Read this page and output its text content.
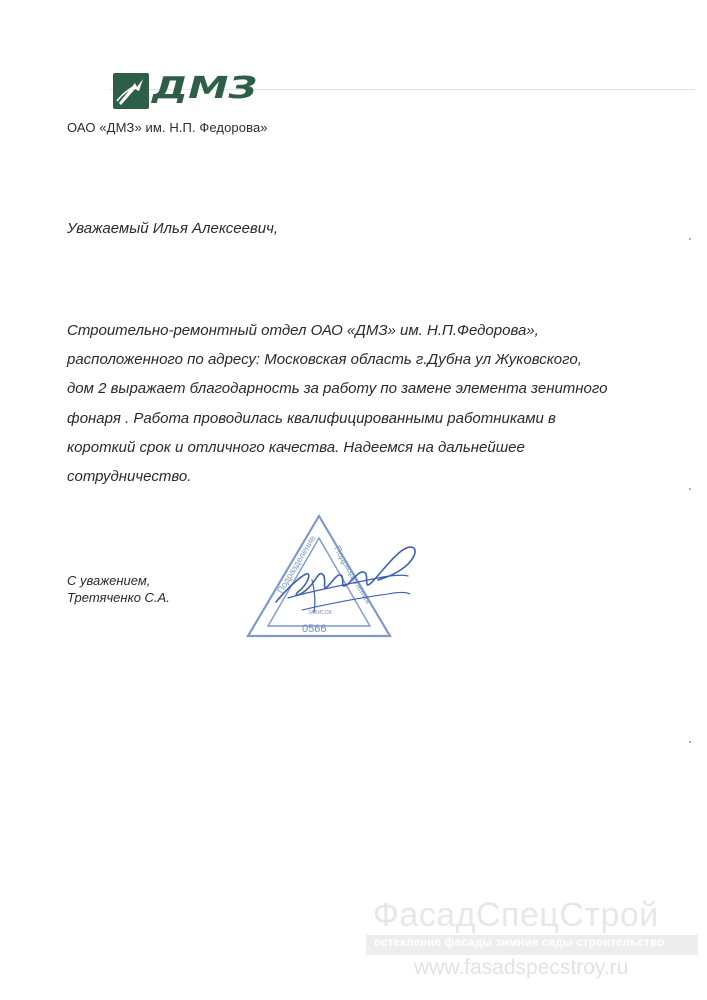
ДМЗ
ОАО «ДМЗ» им. Н.П. Федорова»
Уважаемый Илья Алексеевич,

Строительно-ремонтный отдел ОАО «ДМЗ» им. Н.П.Федорова»,
расположенного по адресу: Московская область г.Дубна ул Жуковского,
дом 2 выражает благодарность за работу по замене элемента зенитного
фонаря . Работа проводилась квалифицированными работниками в
короткий срок и отличного качества. Надеемся на дальнейшее
сотрудничество.

С уважением,
Третяченко С.А.
Подразделение Подразделения
ЗАВИСОВ
0566
ФасадСпецСтрой
остекление фасады зимние сады строительство
www.fasadspecstroy.ru
